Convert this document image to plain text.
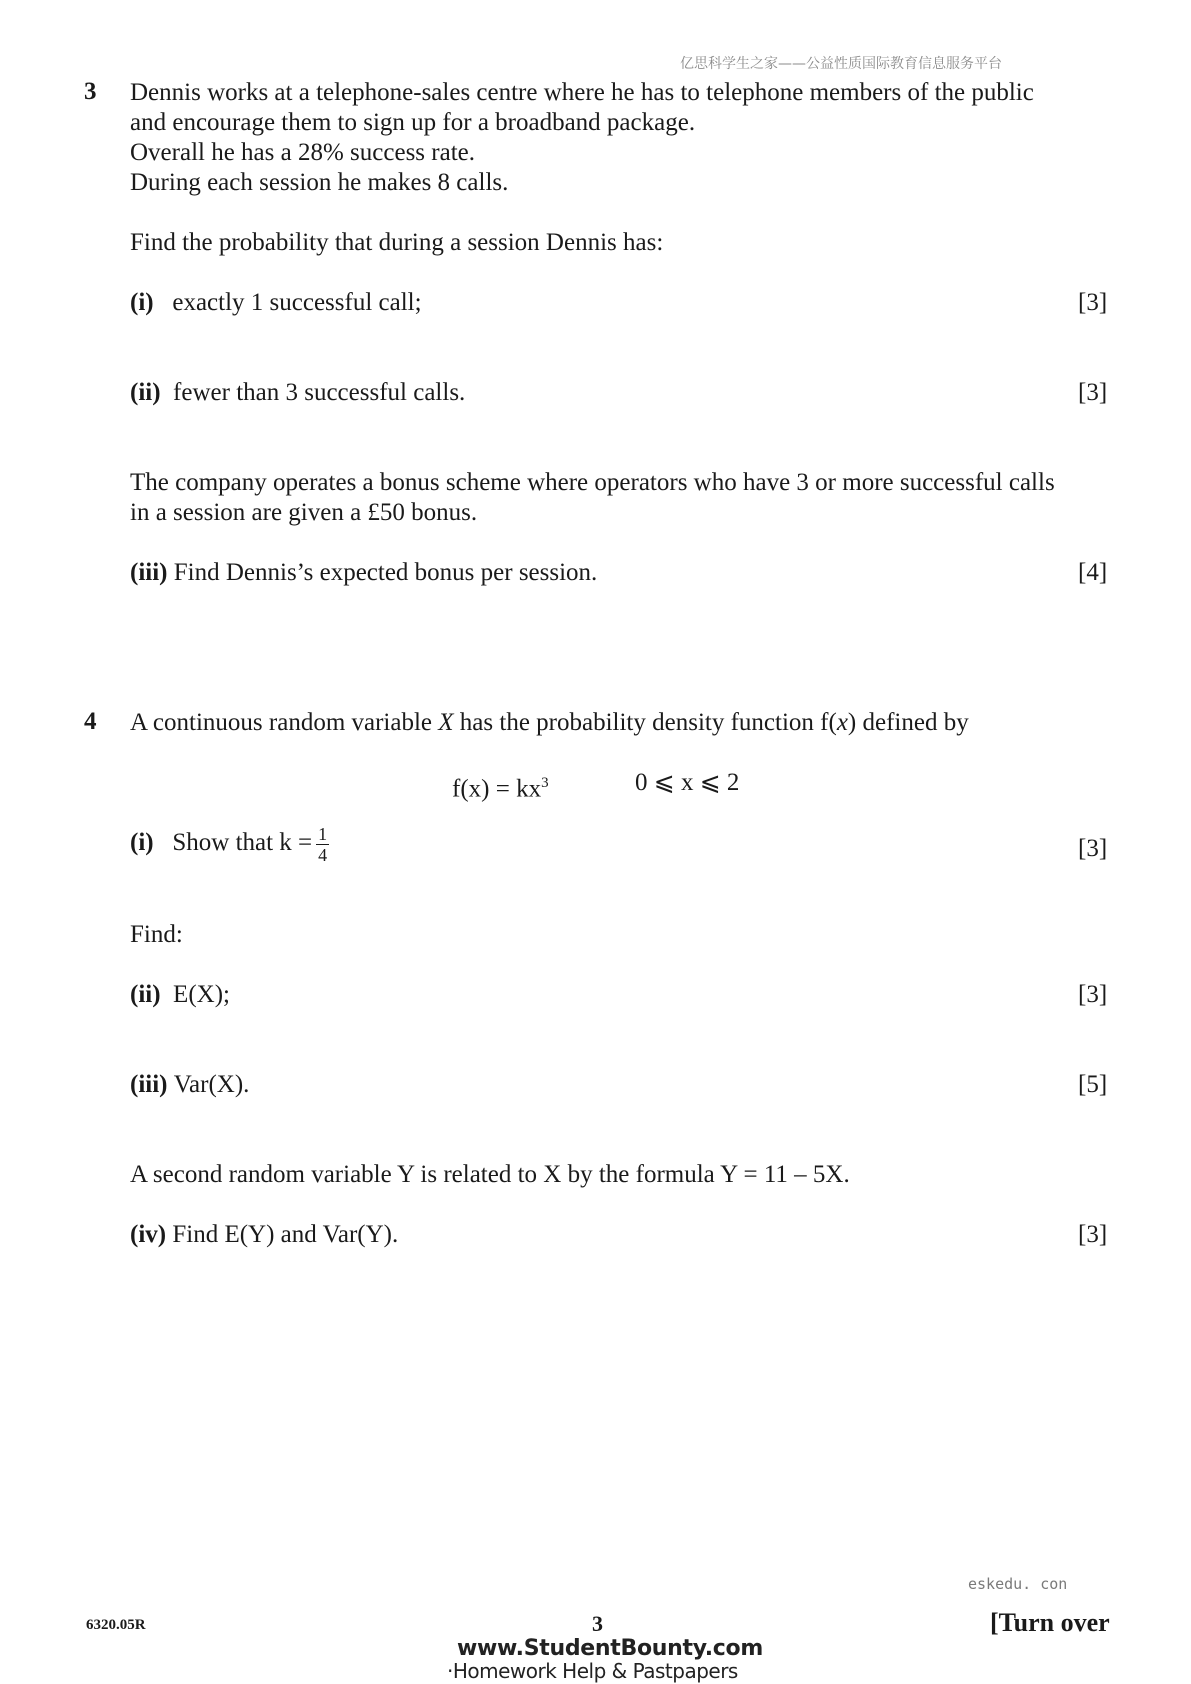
亿思科学生之家——公益性质国际教育信息服务平台
3 Dennis works at a telephone-sales centre where he has to telephone members of the public
and encourage them to sign up for a broadband package.
Overall he has a 28% success rate.
During each session he makes 8 calls.
Find the probability that during a session Dennis has:
(i) exactly 1 successful call;	[3]
(ii) fewer than 3 successful calls.	[3]
The company operates a bonus scheme where operators who have 3 or more successful calls
in a session are given a £50 bonus.
(iii) Find Dennis’s expected bonus per session.	[4]
4 A continuous random variable X has the probability density function f(x) defined by
$f(x) = kx^3$	0 ⩽ x ⩽ 2
(i) Show that $k = \frac{1}{4}$	[3]
Find:
(ii) E(X);	[3]
(iii) Var(X).	[5]
A second random variable Y is related to X by the formula Y = 11 – 5X.
(iv) Find E(Y) and Var(Y).	[3]
eskedu. con
6320.05R	3	[Turn over
www.StudentBounty.com
·Homework Help & Pastpapers
